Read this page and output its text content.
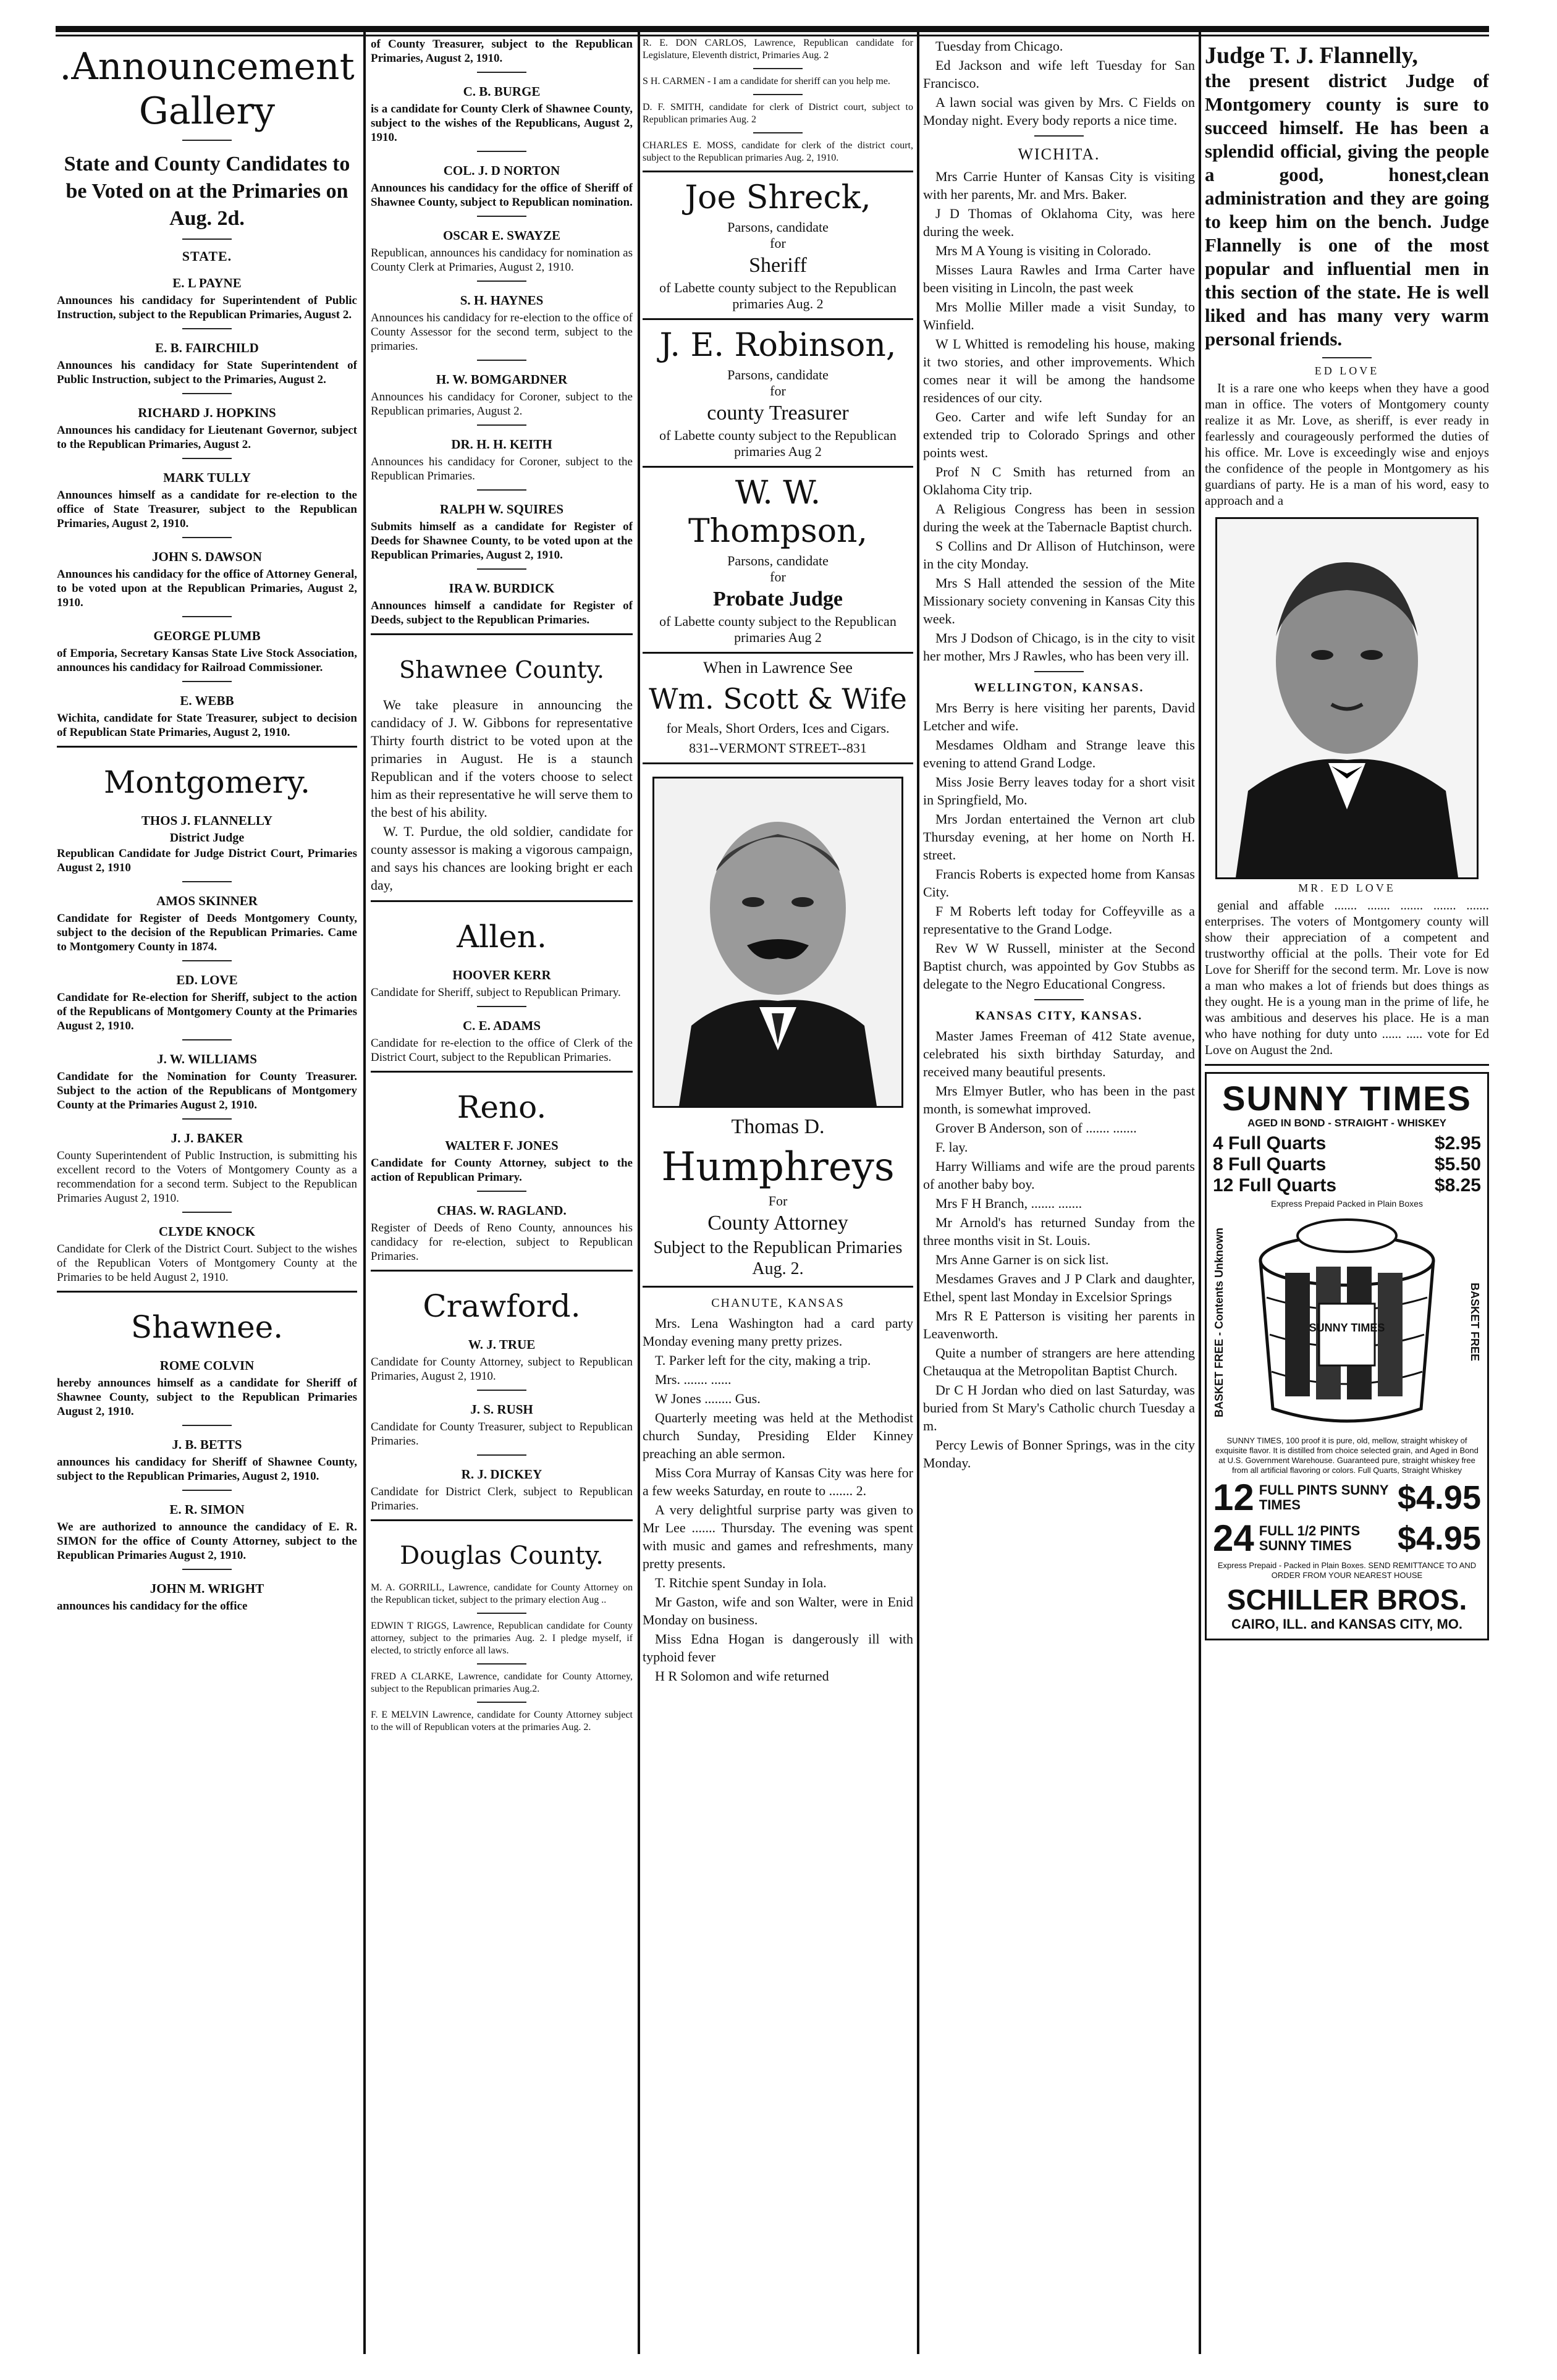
.Announcement Gallery
State and County Candidates to be Voted on at the Primaries on Aug. 2d.
STATE.
E. L PAYNE

Announces his candidacy for Superintendent of Public Instruction, subject to the Republican Primaries, August 2.

E. B. FAIRCHILD

Announces his candidacy for State Superintendent of Public Instruction, subject to the Primaries, August 2.

RICHARD J. HOPKINS

Announces his candidacy for Lieutenant Governor, subject to the Republican Primaries, August 2.

MARK TULLY

Announces himself as a candidate for re-election to the office of State Treasurer, subject to the Republican Primaries, August 2, 1910.

JOHN S. DAWSON

Announces his candidacy for the office of Attorney General, to be voted upon at the Republican Primaries, August 2, 1910.

GEORGE PLUMB

of Emporia, Secretary Kansas State Live Stock Association, announces his candidacy for Railroad Commissioner.

E. WEBB

Wichita, candidate for State Treasurer, subject to decision of Republican State Primaries, August 2, 1910.

Montgomery.
THOS J. FLANNELLY
District Judge

Republican Candidate for Judge District Court, Primaries August 2, 1910

AMOS SKINNER

Candidate for Register of Deeds Montgomery County, subject to the decision of the Republican Primaries. Came to Montgomery County in 1874.

ED. LOVE

Candidate for Re-election for Sheriff, subject to the action of the Republicans of Montgomery County at the Primaries August 2, 1910.

J. W. WILLIAMS

Candidate for the Nomination for County Treasurer. Subject to the action of the Republicans of Montgomery County at the Primaries August 2, 1910.

J. J. BAKER

County Superintendent of Public Instruction, is submitting his excellent record to the Voters of Montgomery County as a recommendation for a second term. Subject to the Republican Primaries August 2, 1910.

CLYDE KNOCK

Candidate for Clerk of the District Court. Subject to the wishes of the Republican Voters of Montgomery County at the Primaries to be held August 2, 1910.

Shawnee.
ROME COLVIN

hereby announces himself as a candidate for Sheriff of Shawnee County, subject to the Republican Primaries August 2, 1910.

J. B. BETTS

announces his candidacy for Sheriff of Shawnee County, subject to the Republican Primaries, August 2, 1910.

E. R. SIMON

We are authorized to announce the candidacy of E. R. SIMON for the office of County Attorney, subject to the Republican Primaries August 2, 1910.

JOHN M. WRIGHT

announces his candidacy for the office

of County Treasurer, subject to the Republican Primaries, August 2, 1910.

C. B. BURGE

is a candidate for County Clerk of Shawnee County, subject to the wishes of the Republicans, August 2, 1910.

COL. J. D NORTON

Announces his candidacy for the office of Sheriff of Shawnee County, subject to Republican nomination.

OSCAR E. SWAYZE

Republican, announces his candidacy for nomination as County Clerk at Primaries, August 2, 1910.

S. H. HAYNES

Announces his candidacy for re-election to the office of County Assessor for the second term, subject to the primaries.

H. W. BOMGARDNER

Announces his candidacy for Coroner, subject to the Republican primaries, August 2.

DR. H. H. KEITH

Announces his candidacy for Coroner, subject to the Republican Primaries.

RALPH W. SQUIRES

Submits himself as a candidate for Register of Deeds for Shawnee County, to be voted upon at the Republican Primaries, August 2, 1910.

IRA W. BURDICK

Announces himself a candidate for Register of Deeds, subject to the Republican Primaries.

Shawnee County.

We take pleasure in announcing the candidacy of J. W. Gibbons for representative Thirty fourth district to be voted upon at the primaries in August. He is a staunch Republican and if the voters choose to select him as their representative he will serve them to the best of his ability.

W. T. Purdue, the old soldier, candidate for county assessor is making a vigorous campaign, and says his chances are looking bright er each day,

Allen.
HOOVER KERR

Candidate for Sheriff, subject to Republican Primary.

C. E. ADAMS

Candidate for re-election to the office of Clerk of the District Court, subject to the Republican Primaries.

Reno.
WALTER F. JONES

Candidate for County Attorney, subject to the action of Republican Primary.

CHAS. W. RAGLAND.

Register of Deeds of Reno County, announces his candidacy for re-election, subject to Republican Primaries.

Crawford.
W. J. TRUE

Candidate for County Attorney, subject to Republican Primaries, August 2, 1910.

J. S. RUSH

Candidate for County Treasurer, subject to Republican Primaries.

R. J. DICKEY

Candidate for District Clerk, subject to Republican Primaries.

Douglas County.

M. A. GORRILL, Lawrence, candidate for County Attorney on the Republican ticket, subject to the primary election Aug ..

EDWIN T RIGGS, Lawrence, Republican candidate for County attorney, subject to the primaries Aug. 2. I pledge myself, if elected, to strictly enforce all laws.

FRED A CLARKE, Lawrence, candidate for County Attorney, subject to the Republican primaries Aug.2.

F. E MELVIN Lawrence, candidate for County Attorney subject to the will of Republican voters at the primaries Aug. 2.

R. E. DON CARLOS, Lawrence, Republican candidate for Legislature, Eleventh district, Primaries Aug. 2

S H. CARMEN - I am a candidate for sheriff can you help me.

D. F. SMITH, candidate for clerk of District court, subject to Republican primaries Aug. 2

CHARLES E. MOSS, candidate for clerk of the district court, subject to the Republican primaries Aug. 2, 1910.

Joe Shreck,

Parsons, candidate

for

Sheriff

of Labette county subject to the Republican primaries Aug. 2

J. E. Robinson,

Parsons, candidate

for

county Treasurer

of Labette county subject to the Republican primaries Aug 2

W. W. Thompson,

Parsons, candidate

for

Probate Judge

of Labette county subject to the Republican primaries Aug 2

When in Lawrence See

Wm. Scott & Wife

for Meals, Short Orders, Ices and Cigars.

831--VERMONT STREET--831

Thomas D.

Humphreys

For

County Attorney

Subject to the Republican Primaries Aug. 2.

CHANUTE, KANSAS

Mrs. Lena Washington had a card party Monday evening many pretty prizes.

T. Parker left for the city, making a trip.

Mrs. ....... ......

W Jones ........ Gus.

Quarterly meeting was held at the Methodist church Sunday, Presiding Elder Kinney preaching an able sermon.

Miss Cora Murray of Kansas City was here for a few weeks Saturday, en route to ....... 2.

A very delightful surprise party was given to Mr Lee ....... Thursday. The evening was spent with music and games and refreshments, many pretty presents.

T. Ritchie spent Sunday in Iola.

Mr Gaston, wife and son Walter, were in Enid Monday on business.

Miss Edna Hogan is dangerously ill with typhoid fever

H R Solomon and wife returned

Tuesday from Chicago.

Ed Jackson and wife left Tuesday for San Francisco.

A lawn social was given by Mrs. C Fields on Monday night. Every body reports a nice time.

WICHITA.

Mrs Carrie Hunter of Kansas City is visiting with her parents, Mr. and Mrs. Baker.

J D Thomas of Oklahoma City, was here during the week.

Mrs M A Young is visiting in Colorado.

Misses Laura Rawles and Irma Carter have been visiting in Lincoln, the past week

Mrs Mollie Miller made a visit Sunday, to Winfield.

W L Whitted is remodeling his house, making it two stories, and other improvements. Which comes near it will be among the handsome residences of our city.

Geo. Carter and wife left Sunday for an extended trip to Colorado Springs and other points west.

Prof N C Smith has returned from an Oklahoma City trip.

A Religious Congress has been in session during the week at the Tabernacle Baptist church.

S Collins and Dr Allison of Hutchinson, were in the city Monday.

Mrs S Hall attended the session of the Mite Missionary society convening in Kansas City this week.

Mrs J Dodson of Chicago, is in the city to visit her mother, Mrs J Rawles, who has been very ill.

WELLINGTON, KANSAS.

Mrs Berry is here visiting her parents, David Letcher and wife.

Mesdames Oldham and Strange leave this evening to attend Grand Lodge.

Miss Josie Berry leaves today for a short visit in Springfield, Mo.

Mrs Jordan entertained the Vernon art club Thursday evening, at her home on North H. street.

Francis Roberts is expected home from Kansas City.

F M Roberts left today for Coffeyville as a representative to the Grand Lodge.

Rev W W Russell, minister at the Second Baptist church, was appointed by Gov Stubbs as delegate to the Negro Educational Congress.

KANSAS CITY, KANSAS.

Master James Freeman of 412 State avenue, celebrated his sixth birthday Saturday, and received many beautiful presents.

Mrs Elmyer Butler, who has been in the past month, is somewhat improved.

Grover B Anderson, son of ....... .......

F. lay.

Harry Williams and wife are the proud parents of another baby boy.

Mrs F H Branch, ....... .......

Mr Arnold's has returned Sunday from the three months visit in St. Louis.

Mrs Anne Garner is on sick list.

Mesdames Graves and J P Clark and daughter, Ethel, spent last Monday in Excelsior Springs

Mrs R E Patterson is visiting her parents in Leavenworth.

Quite a number of strangers are here attending Chetauqua at the Metropolitan Baptist Church.

Dr C H Jordan who died on last Saturday, was buried from St Mary's Catholic church Tuesday a m.

Percy Lewis of Bonner Springs, was in the city Monday.

Judge T. J. Flannelly,

the present district Judge of Montgomery county is sure to succeed himself. He has been a splendid official, giving the people a good, honest,clean administration and they are going to keep him on the bench. Judge Flannelly is one of the most popular and influential men in this section of the state. He is well liked and has many very warm personal friends.

ED LOVE

It is a rare one who keeps when they have a good man in office. The voters of Montgomery county realize it as Mr. Love, as sheriff, is ever ready in fearlessly and courageously performed the duties of his office. Mr. Love is exceedingly wise and enjoys the confidence of the people in Montgomery as his guardians of party. He is a man of his word, easy to approach and a

MR. ED LOVE

genial and affable ....... ....... ....... ....... ....... enterprises. The voters of Montgomery county will show their appreciation of a competent and trustworthy official at the polls. Their vote for Ed Love for Sheriff for the second term. Mr. Love is now a man who makes a lot of friends but does things as they ought. He is a young man in the prime of life, he was ambitious and deserves his place. He is a man who have nothing for duty unto ...... ..... vote for Ed Love on August the 2nd.

SUNNY TIMES

AGED IN BOND - STRAIGHT - WHISKEY

4 Full Quarts	$2.95
8 Full Quarts	$5.50
12 Full Quarts	$8.25

Express Prepaid Packed in Plain Boxes

BASKET FREE - Contents Unknown	SUNNY TIMES	BASKET FREE

SUNNY TIMES, 100 proof it is pure, old, mellow, straight whiskey of exquisite flavor. It is distilled from choice selected grain, and Aged in Bond at U.S. Government Warehouse. Guaranteed pure, straight whiskey free from all artificial flavoring or colors. Full Quarts, Straight Whiskey

12 FULL PINTS SUNNY TIMES	$4.95
24 FULL 1/2 PINTS SUNNY TIMES	$4.95

Express Prepaid - Packed in Plain Boxes. SEND REMITTANCE TO AND ORDER FROM YOUR NEAREST HOUSE

SCHILLER BROS.

CAIRO, ILL. and KANSAS CITY, MO.
